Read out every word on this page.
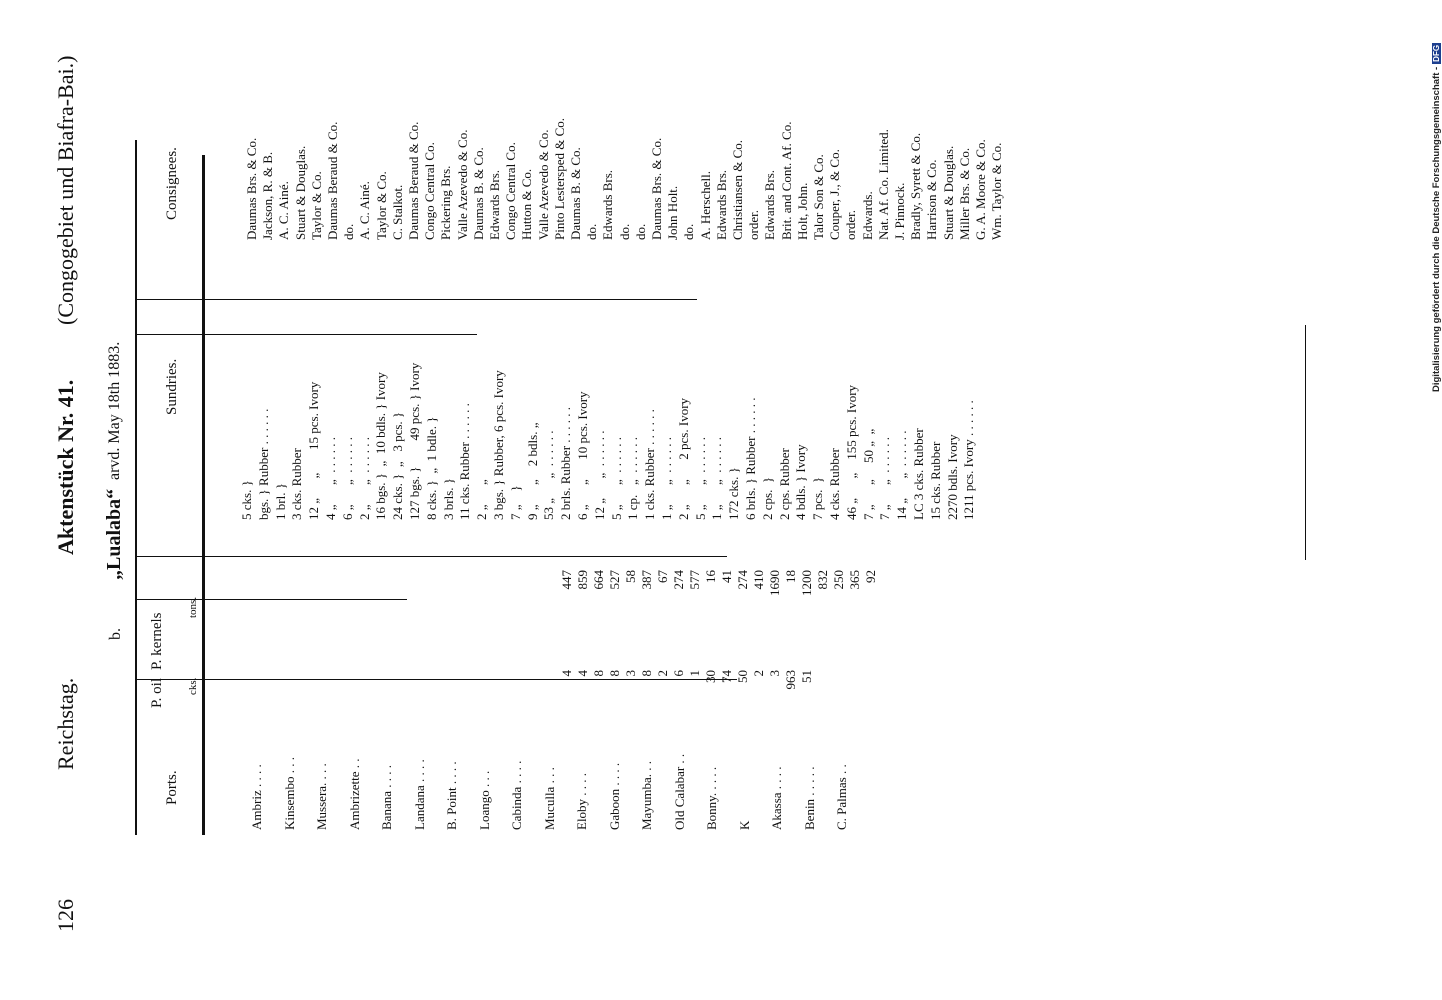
126
Reichstag.
Aktenstück Nr. 41.
(Congogebiet und Biafra-Bai.)
b.
„Lualaba“
arvd. May 18th 1883.
Ports.
P. oil cks.
P. kernels
tons.
Sundries.
Consignees.
Ambriz . . . . Kinsembo . . . Mussera. . . . Ambrizette . . Banana . . . . Landana . . . . B. Point . . . . Loango . . . Cabinda . . . . Muculla . . . Eloby . . . . Gaboon . . . . Mayumba. . . Old Calabar . . Bonny. . . . . K Akassa . . . . Benin . . . . . C. Palmas . .
4 4 8 8 3 8 2 6 1 30 74 50 2 3 963 51
447 859 664 527 58 387 67 274 577 16 41 274 410 1690 18 1200 832 250 365 92
5 cks. } bgs. } Rubber . . . . . . 1 brl. } 3 cks. Rubber 12 „      „       15 pcs. Ivory 4 „      „  . . . . . . 6 „      „  . . . . . . 2 „      „  . . . . . . 16 bgs. }  „  10 bdls. } Ivory 24 cks. }  „   3 pcs. } 127 bgs. }        49 pcs. } Ivory 8 cks. }  „  1 bdle. } 3 brls. } 11 cks. Rubber . . . . . . 2 „      „ 3 bgs. } Rubber, 6 pcs. Ivory 7 „    } 9 „      „    2 bdls. „ 53 „      „  . . . . . . 2 brls. Rubber . . . . . . 6 „      „      10 pcs. Ivory 12 „      „  . . . . . . 5 „      „  . . . . . . 1 cp.   „  . . . . . . 1 cks. Rubber . . . . . . 1 „      „  . . . . . . 2 „      „      2 pcs. Ivory 5 „      „  . . . . . . 1 „      „  . . . . . . 172 cks. } 6 brls. } Rubber . . . . . . 2 cps.  } 2 cps. Rubber 4 bdls. } Ivory 7 pcs.  } 4 cks. Rubber 46 „      „    155 pcs. Ivory 7 „      „     50 „  „ 7 „      „  . . . . . . 14 „      „  . . . . . . LC 3 cks. Rubber 15 cks. Rubber 2270 bdls. Ivory 1211 pcs. Ivory . . . . . .
Daumas Brs. & Co. Jackson, R. & B. A. C. Ainé. Stuart & Douglas. Taylor & Co. Daumas Beraud & Co. do. A. C. Ainé. Taylor & Co. C. Stalkot. Daumas Beraud & Co. Congo Central Co. Pickering Brs. Valle Azevedo & Co. Daumas B. & Co. Edwards Brs. Congo Central Co. Hutton & Co. Valle Azevedo & Co. Pinto Lestersped & Co. Daumas B. & Co. do. Edwards Brs. do. do. Daumas Brs. & Co. John Holt. do. A. Herschell. Edwards Brs. Christiansen & Co. order. Edwards Brs. Brit. and Cont. Af. Co. Holt, John. Talor Son & Co. Couper, J., & Co. order. Edwards. Nat. Af. Co. Limited. J. Pinnock. Bradly, Syrett & Co. Harrison & Co. Stuart & Douglas. Miller Brs. & Co. G. A. Moore & Co. Wm. Taylor & Co.	Digitalisierung gefördert durch die Deutsche Forschungsgemeinschaft -DFG
